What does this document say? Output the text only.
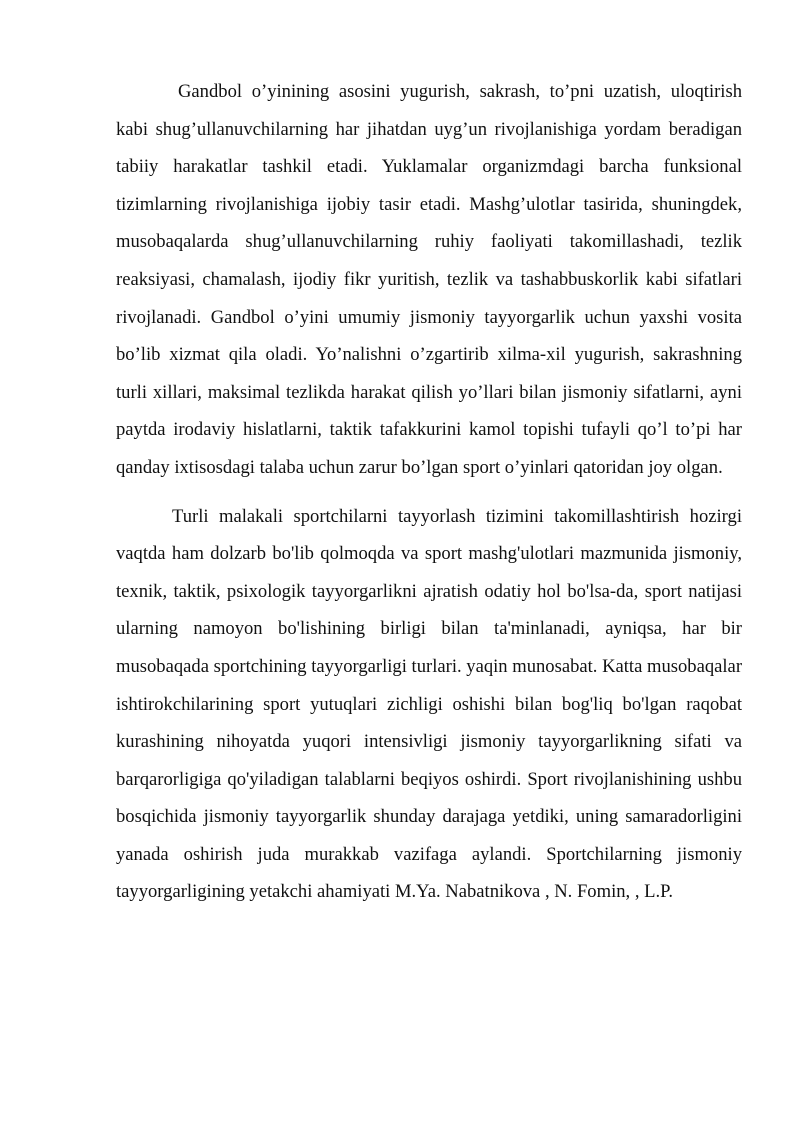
Gandbol o’yinining asosini yugurish, sakrash, to’pni uzatish, uloqtirish kabi shug’ullanuvchilarning har jihatdan uyg’un rivojlanishiga yordam beradigan tabiiy harakatlar tashkil etadi. Yuklamalar organizmdagi barcha funksional tizimlarning rivojlanishiga ijobiy tasir etadi. Mashg’ulotlar tasirida, shuningdek, musobaqalarda shug’ullanuvchilarning ruhiy faoliyati takomillashadi, tezlik reaksiyasi, chamalash, ijodiy fikr yuritish, tezlik va tashabbuskorlik kabi sifatlari rivojlanadi. Gandbol o’yini umumiy jismoniy tayyorgarlik uchun yaxshi vosita bo’lib xizmat qila oladi. Yo’nalishni o’zgartirib xilma-xil yugurish, sakrashning turli xillari, maksimal tezlikda harakat qilish yo’llari bilan jismoniy sifatlarni, ayni paytda irodaviy hislatlarni, taktik tafakkurini kamol topishi tufayli qo’l to’pi har qanday ixtisosdagi talaba uchun zarur bo’lgan sport o’yinlari qatoridan joy olgan.

Turli malakali sportchilarni tayyorlash tizimini takomillashtirish hozirgi vaqtda ham dolzarb bo'lib qolmoqda va sport mashg'ulotlari mazmunida jismoniy, texnik, taktik, psixologik tayyorgarlikni ajratish odatiy hol bo'lsa-da, sport natijasi ularning namoyon bo'lishining birligi bilan ta'minlanadi, ayniqsa, har bir musobaqada sportchining tayyorgarligi turlari. yaqin munosabat. Katta musobaqalar ishtirokchilarining sport yutuqlari zichligi oshishi bilan bog'liq bo'lgan raqobat kurashining nihoyatda yuqori intensivligi jismoniy tayyorgarlikning sifati va barqarorligiga qo'yiladigan talablarni beqiyos oshirdi. Sport rivojlanishining ushbu bosqichida jismoniy tayyorgarlik shunday darajaga yetdiki, uning samaradorligini yanada oshirish juda murakkab vazifaga aylandi. Sportchilarning jismoniy tayyorgarligining yetakchi ahamiyati M.Ya. Nabatnikova , N. Fomin, , L.P.
